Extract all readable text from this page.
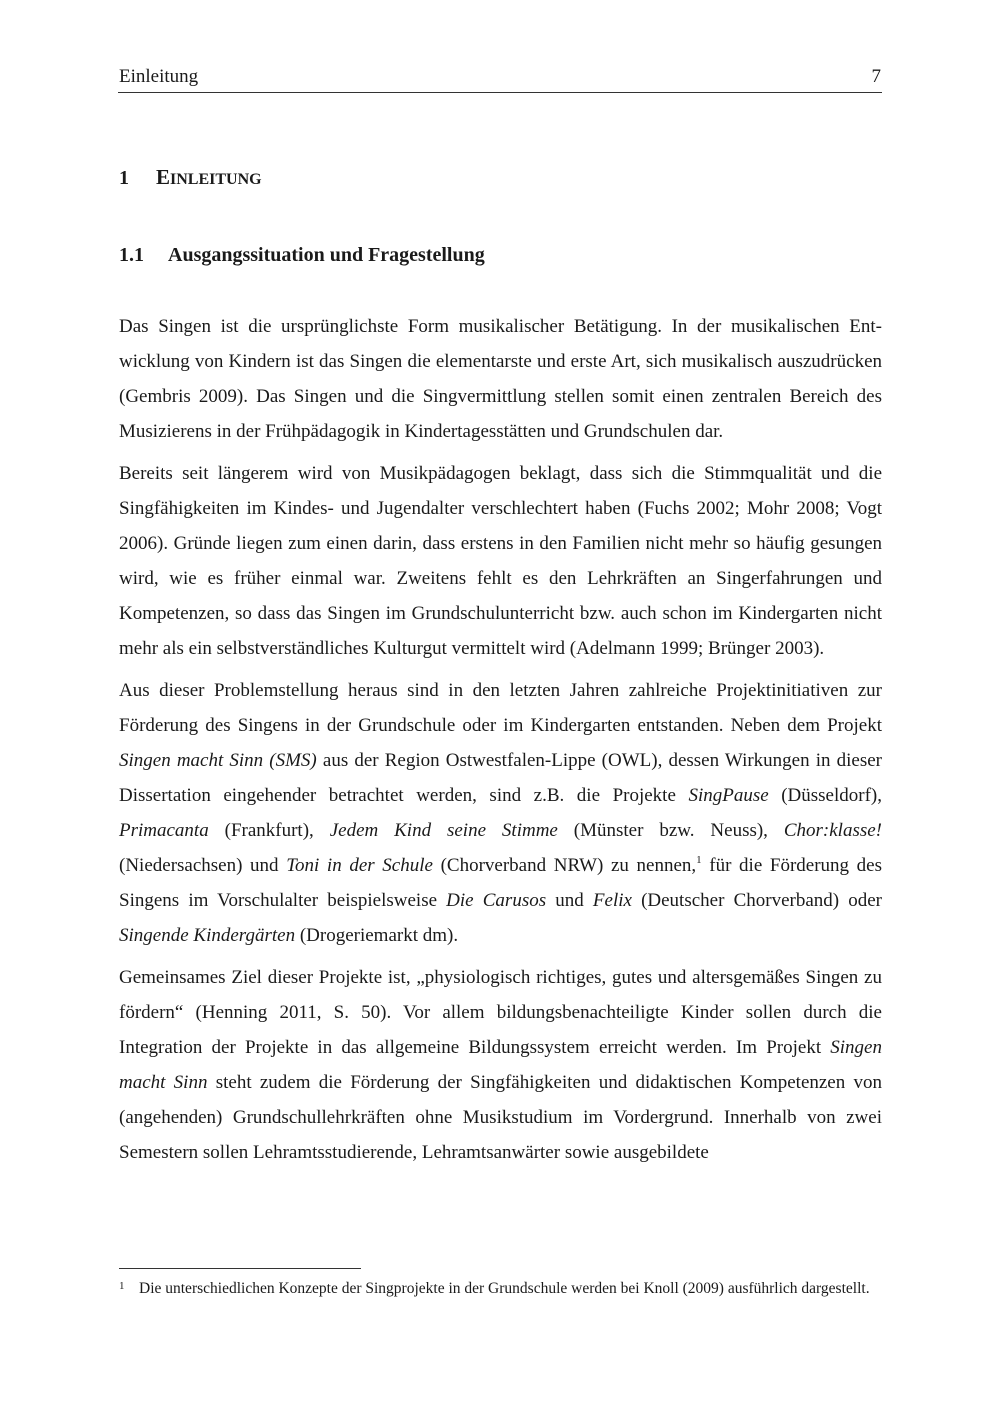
Einleitung	7
1 EINLEITUNG
1.1 Ausgangssituation und Fragestellung

Das Singen ist die ursprünglichste Form musikalischer Betätigung. In der musikalischen Entwicklung von Kindern ist das Singen die elementarste und erste Art, sich musikalisch auszudrücken (Gembris 2009). Das Singen und die Singvermittlung stellen somit einen zentralen Bereich des Musizierens in der Frühpädagogik in Kindertagesstätten und Grundschulen dar.

Bereits seit längerem wird von Musikpädagogen beklagt, dass sich die Stimmqualität und die Singfähigkeiten im Kindes- und Jugendalter verschlechtert haben (Fuchs 2002; Mohr 2008; Vogt 2006). Gründe liegen zum einen darin, dass erstens in den Familien nicht mehr so häufig gesungen wird, wie es früher einmal war. Zweitens fehlt es den Lehrkräften an Singerfahrungen und Kompetenzen, so dass das Singen im Grundschulunterricht bzw. auch schon im Kindergarten nicht mehr als ein selbstverständliches Kulturgut vermittelt wird (Adelmann 1999; Brünger 2003).

Aus dieser Problemstellung heraus sind in den letzten Jahren zahlreiche Projektinitiativen zur Förderung des Singens in der Grundschule oder im Kindergarten entstanden. Neben dem Projekt Singen macht Sinn (SMS) aus der Region Ostwestfalen-Lippe (OWL), dessen Wirkungen in dieser Dissertation eingehender betrachtet werden, sind z.B. die Projekte SingPause (Düsseldorf), Primacanta (Frankfurt), Jedem Kind seine Stimme (Münster bzw. Neuss), Chor:klasse! (Niedersachsen) und Toni in der Schule (Chorverband NRW) zu nennen,$^1$ für die Förderung des Singens im Vorschulalter beispielsweise Die Carusos und Felix (Deutscher Chorverband) oder Singende Kindergärten (Drogeriemarkt dm).

Gemeinsames Ziel dieser Projekte ist, „physiologisch richtiges, gutes und altersgemäßes Singen zu fördern“ (Henning 2011, S. 50). Vor allem bildungsbenachteiligte Kinder sollen durch die Integration der Projekte in das allgemeine Bildungssystem erreicht werden. Im Projekt Singen macht Sinn steht zudem die Förderung der Singfähigkeiten und didaktischen Kompetenzen von (angehenden) Grundschullehrkräften ohne Musikstudium im Vordergrund. Innerhalb von zwei Semestern sollen Lehramtsstudierende, Lehramtsanwärter sowie ausgebildete

1 Die unterschiedlichen Konzepte der Singprojekte in der Grundschule werden bei Knoll (2009) ausführlich dargestellt.
